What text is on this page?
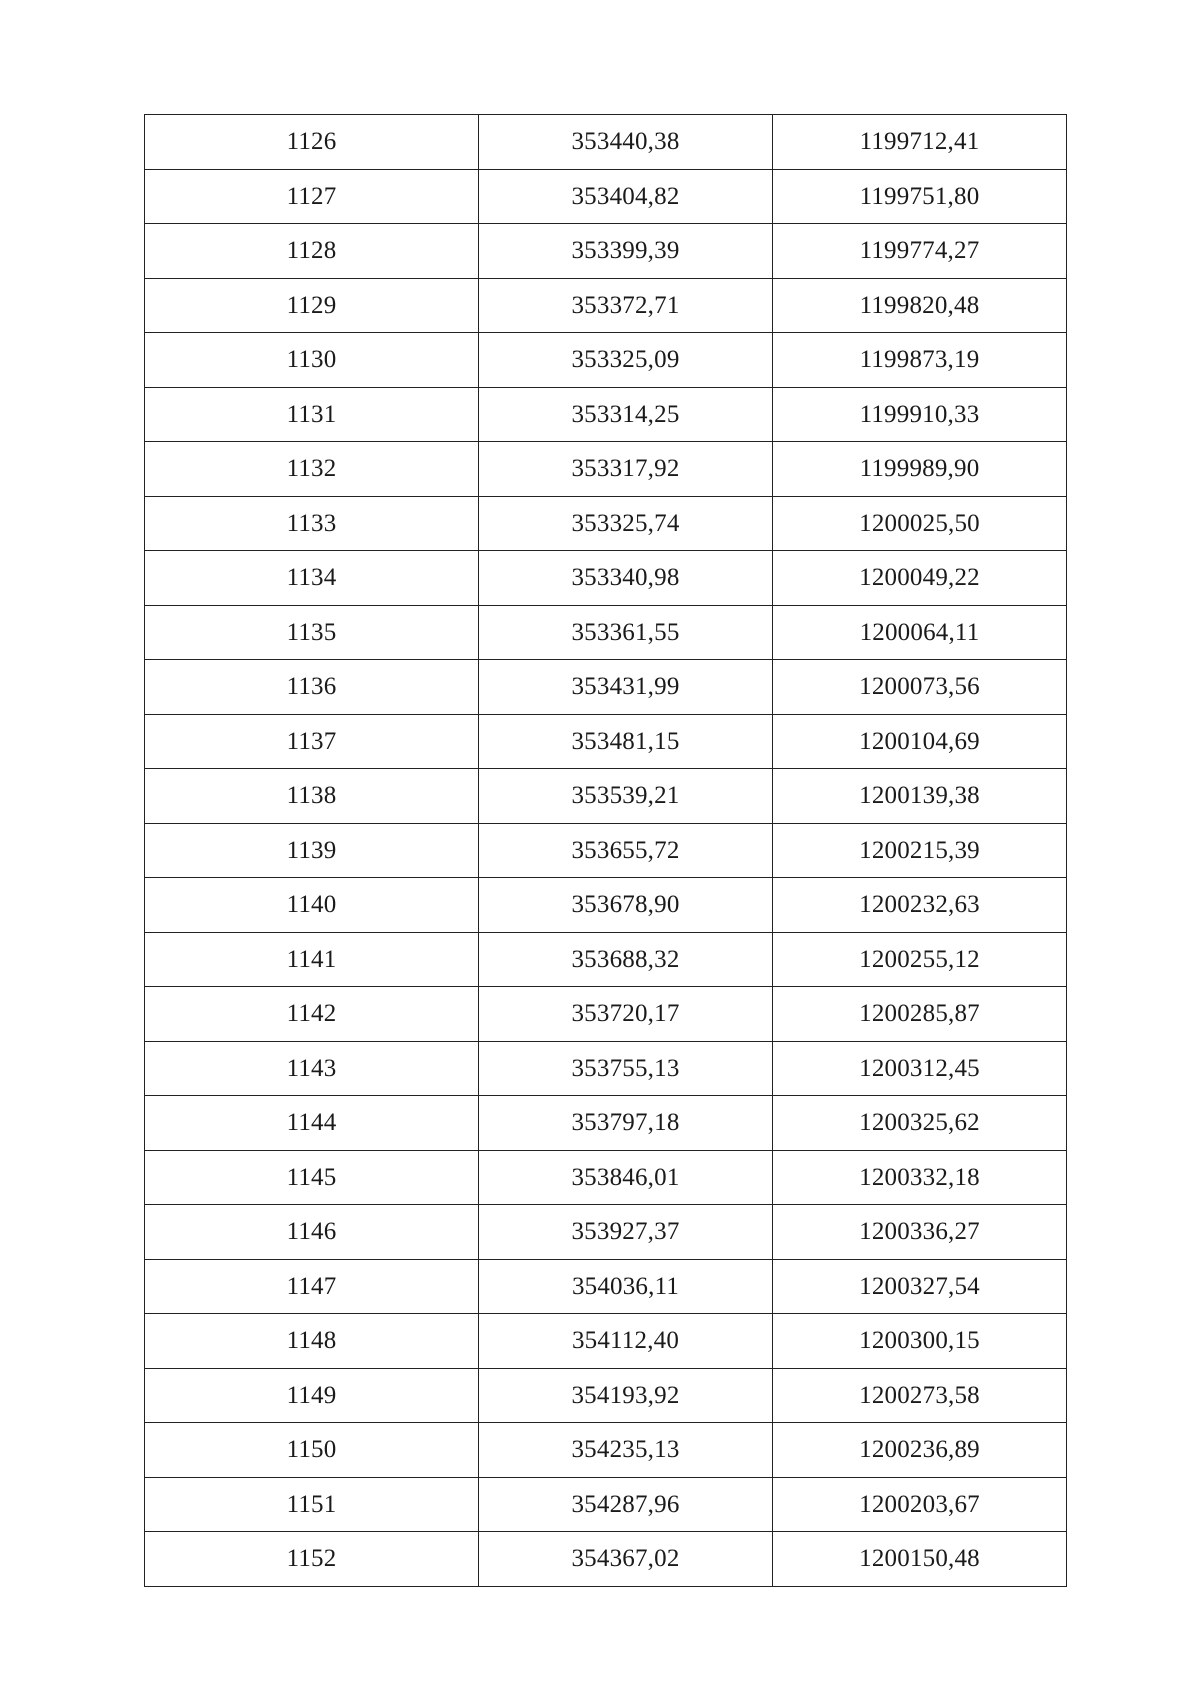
1126	353440,38	1199712,41
1127	353404,82	1199751,80
1128	353399,39	1199774,27
1129	353372,71	1199820,48
1130	353325,09	1199873,19
1131	353314,25	1199910,33
1132	353317,92	1199989,90
1133	353325,74	1200025,50
1134	353340,98	1200049,22
1135	353361,55	1200064,11
1136	353431,99	1200073,56
1137	353481,15	1200104,69
1138	353539,21	1200139,38
1139	353655,72	1200215,39
1140	353678,90	1200232,63
1141	353688,32	1200255,12
1142	353720,17	1200285,87
1143	353755,13	1200312,45
1144	353797,18	1200325,62
1145	353846,01	1200332,18
1146	353927,37	1200336,27
1147	354036,11	1200327,54
1148	354112,40	1200300,15
1149	354193,92	1200273,58
1150	354235,13	1200236,89
1151	354287,96	1200203,67
1152	354367,02	1200150,48
